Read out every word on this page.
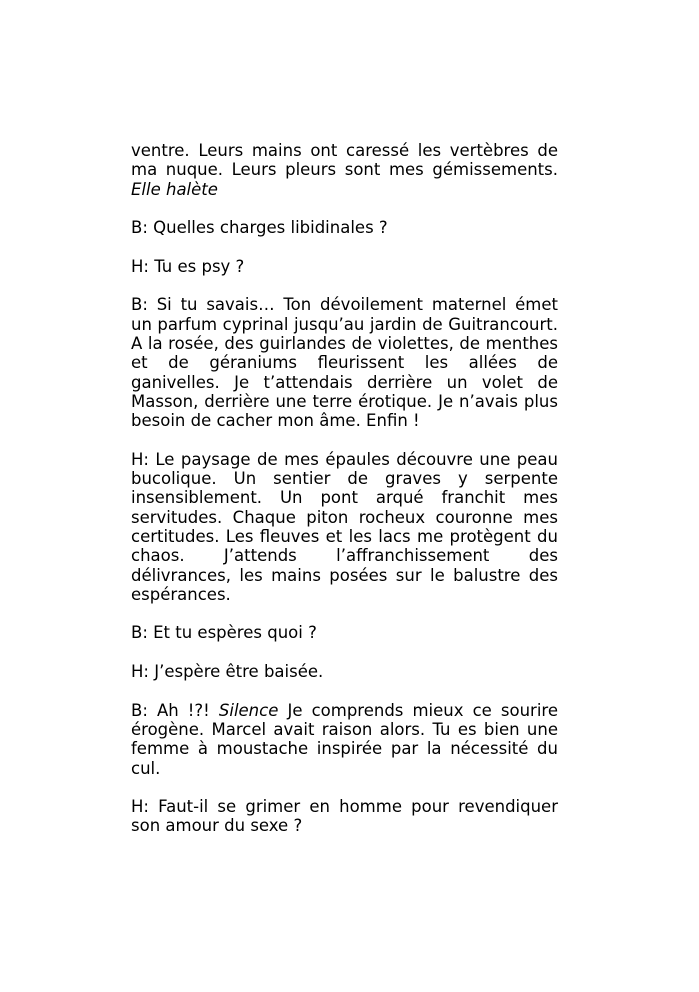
ventre. Leurs mains ont caressé les vertèbres de ma nuque. Leurs pleurs sont mes gémissements. Elle halète

B: Quelles charges libidinales ?

H: Tu es psy ?

B: Si tu savais… Ton dévoilement maternel émet un parfum cyprinal jusqu’au jardin de Guitrancourt. A la rosée, des guirlandes de violettes, de menthes et de géraniums fleurissent les allées de ganivelles. Je t’attendais derrière un volet de Masson, derrière une terre érotique. Je n’avais plus besoin de cacher mon âme. Enfin !

H: Le paysage de mes épaules découvre une peau bucolique. Un sentier de graves y serpente insensiblement. Un pont arqué franchit mes servitudes. Chaque piton rocheux couronne mes certitudes. Les fleuves et les lacs me protègent du chaos. J’attends l’affranchissement des délivrances, les mains posées sur le balustre des espérances.

B: Et tu espères quoi ?

H: J’espère être baisée.

B: Ah !?! Silence Je comprends mieux ce sourire érogène. Marcel avait raison alors. Tu es bien une femme à moustache inspirée par la nécessité du cul.

H: Faut-il se grimer en homme pour revendiquer son amour du sexe ?
